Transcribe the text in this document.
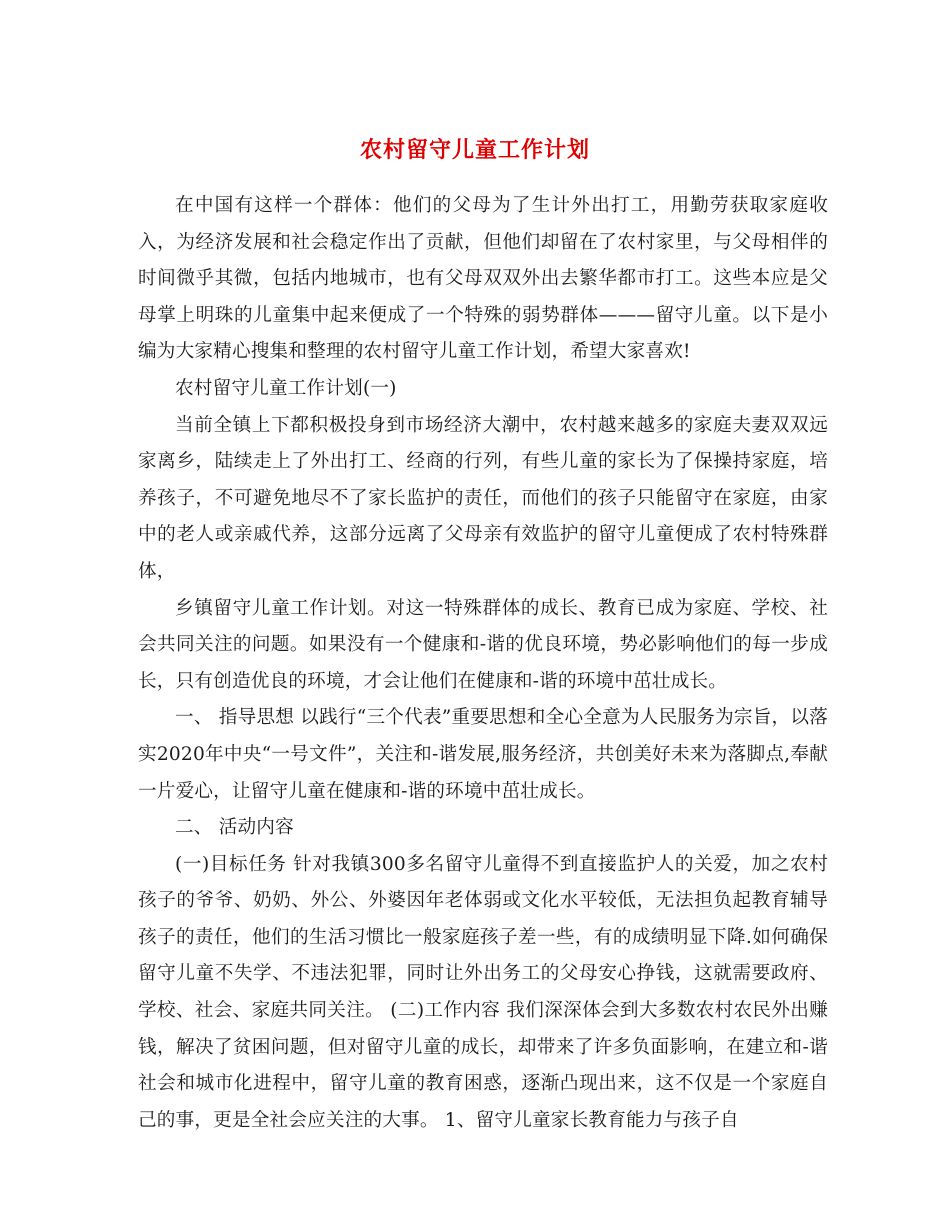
农村留守儿童工作计划

在中国有这样一个群体：他们的父母为了生计外出打工，用勤劳获取家庭收入，为经济发展和社会稳定作出了贡献，但他们却留在了农村家里，与父母相伴的时间微乎其微，包括内地城市，也有父母双双外出去繁华都市打工。这些本应是父母掌上明珠的儿童集中起来便成了一个特殊的弱势群体———留守儿童。以下是小编为大家精心搜集和整理的农村留守儿童工作计划，希望大家喜欢!

农村留守儿童工作计划(一)

当前全镇上下都积极投身到市场经济大潮中，农村越来越多的家庭夫妻双双远家离乡，陆续走上了外出打工、经商的行列，有些儿童的家长为了保操持家庭，培养孩子，不可避免地尽不了家长监护的责任，而他们的孩子只能留守在家庭，由家中的老人或亲戚代养，这部分远离了父母亲有效监护的留守儿童便成了农村特殊群体，

乡镇留守儿童工作计划。对这一特殊群体的成长、教育已成为家庭、学校、社会共同关注的问题。如果没有一个健康和-谐的优良环境，势必影响他们的每一步成长，只有创造优良的环境，才会让他们在健康和-谐的环境中茁壮成长。

一、 指导思想 以践行“三个代表”重要思想和全心全意为人民服务为宗旨，以落实2020年中央“一号文件”，关注和-谐发展,服务经济，共创美好未来为落脚点,奉献一片爱心，让留守儿童在健康和-谐的环境中茁壮成长。

二、 活动内容

(一)目标任务 针对我镇300多名留守儿童得不到直接监护人的关爱，加之农村孩子的爷爷、奶奶、外公、外婆因年老体弱或文化水平较低，无法担负起教育辅导孩子的责任，他们的生活习惯比一般家庭孩子差一些，有的成绩明显下降.如何确保留守儿童不失学、不违法犯罪，同时让外出务工的父母安心挣钱，这就需要政府、学校、社会、家庭共同关注。 (二)工作内容 我们深深体会到大多数农村农民外出赚钱，解决了贫困问题，但对留守儿童的成长，却带来了许多负面影响，在建立和-谐社会和城市化进程中，留守儿童的教育困惑，逐渐凸现出来，这不仅是一个家庭自己的事，更是全社会应关注的大事。 1、留守儿童家长教育能力与孩子自
